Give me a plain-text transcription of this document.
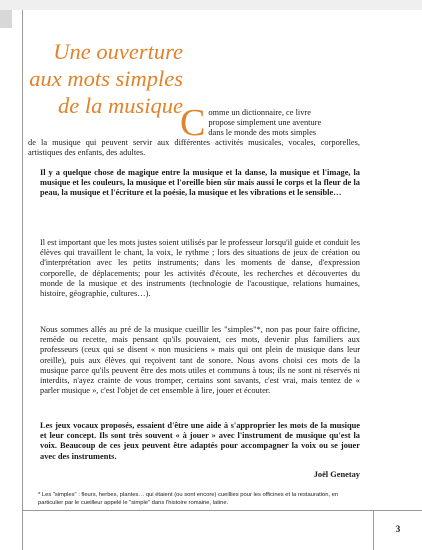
Une ouverture
aux mots simples
de la musique

C omme un dictionnaire, ce livre
propose simplement une aventure
dans le monde des mots simples
de la musique qui peuvent servir aux différentes activités musicales, vocales, corporelles, artistiques des enfants, des adultes.

Il y a quelque chose de magique entre la musique et la danse, la musique et l'image, la musique et les couleurs, la musique et l'oreille bien sûr mais aussi le corps et la fleur de la peau, la musique et l'écriture et la poésie, la musique et les vibrations et le sensible…

Il est important que les mots justes soient utilisés par le professeur lorsqu'il guide et conduit les élèves qui travaillent le chant, la voix, le rythme ; lors des situations de jeux de création ou d'interprétation avec les petits instruments; dans les moments de danse, d'expression corporelle, de déplacements; pour les activités d'écoute, les recherches et découvertes du monde de la musique et des instruments (technologie de l'acoustique, relations humaines, histoire, géographie, cultures…).

Nous sommes allés au pré de la musique cueillir les "simples"*, non pas pour faire officine, remède ou recette, mais pensant qu'ils pouvaient, ces mots, devenir plus familiers aux professeurs (ceux qui se disent « non musiciens » mais qui ont plein de musique dans leur oreille), puis aux élèves qui reçoivent tant de sonore. Nous avons choisi ces mots de la musique parce qu'ils peuvent être des mots utiles et communs à tous; ils ne sont ni réservés ni interdits, n'ayez crainte de vous tromper, certains sont savants, c'est vrai, mais tentez de « parler musique », c'est l'objet de cet ensemble à lire, jouer et écouter.

Les jeux vocaux proposés, essaient d'être une aide à s'approprier les mots de la musique et leur concept. Ils sont très souvent « à jouer » avec l'instrument de musique qu'est la voix. Beaucoup de ces jeux peuvent être adaptés pour accompagner la voix ou se jouer avec des instruments.

Joël Genetay

* Les "simples" : fleurs, herbes, plantes… qui étaient (ou sont encore) cueillies pour les officines et la restauration, en particulier par le cueilleur appelé le "simple" dans l'histoire romaine, latine.

3
